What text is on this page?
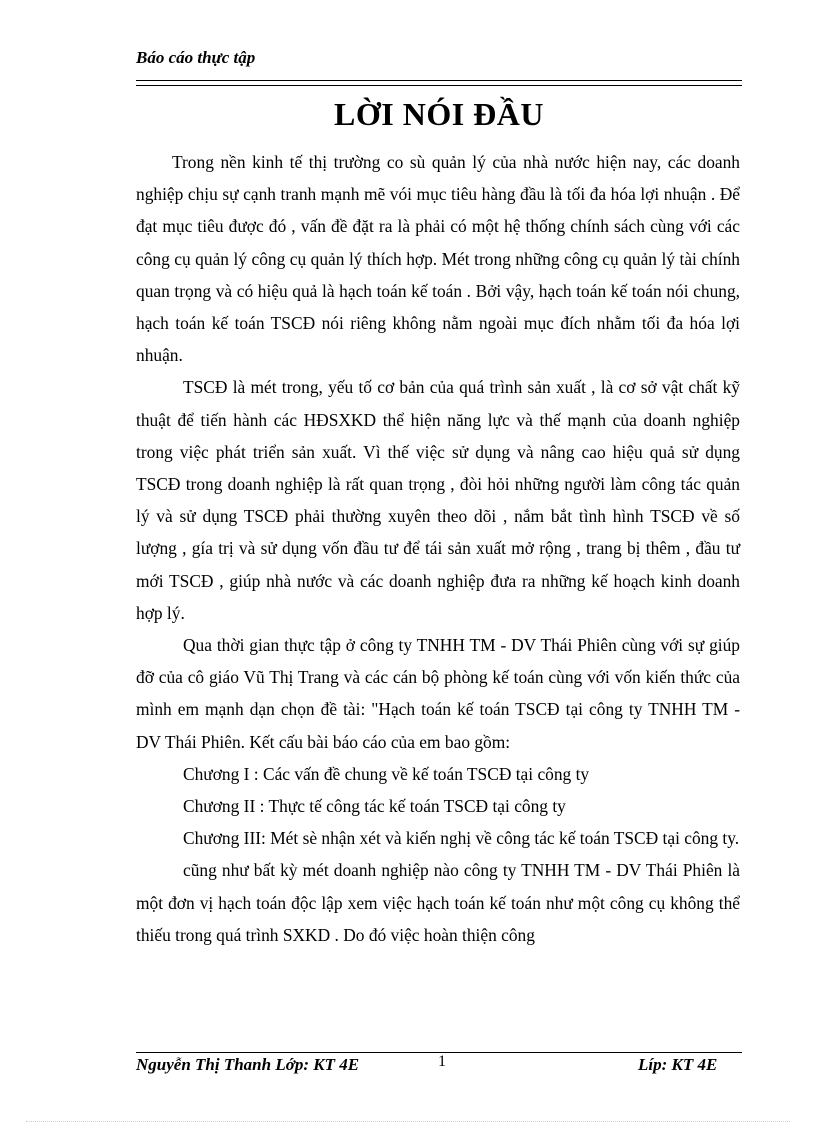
Báo cáo thực tập
LỜI NÓI ĐẦU

Trong nền kinh tế thị trường co sù quản lý của nhà nước hiện nay, các doanh nghiệp chịu sự cạnh tranh mạnh mẽ vói mục tiêu hàng đầu là tối đa hóa lợi nhuận . Để đạt mục tiêu được đó , vấn đề đặt ra là phải có một hệ thống chính sách cùng với các công cụ quản lý công cụ quản lý thích hợp. Mét trong những công cụ quản lý tài chính quan trọng và có hiệu quả là hạch toán kế toán . Bởi vậy, hạch toán kế toán nói chung, hạch toán kế toán TSCĐ nói riêng không nằm ngoài mục đích nhằm tối đa hóa lợi nhuận.

TSCĐ là mét trong, yếu tố cơ bản của quá trình sản xuất , là cơ sở vật chất kỹ thuật để tiến hành các HĐSXKD thể hiện năng lực và thế mạnh của doanh nghiệp trong việc phát triển sản xuất. Vì thế việc sử dụng và nâng cao hiệu quả sử dụng TSCĐ trong doanh nghiệp là rất quan trọng , đòi hỏi những người làm công tác quản lý và sử dụng TSCĐ phải thường xuyên theo dõi , nắm bắt tình hình TSCĐ về số lượng , gía trị và sử dụng vốn đầu tư để tái sản xuất mở rộng , trang bị thêm , đầu tư mới TSCĐ , giúp nhà nước và các doanh nghiệp đưa ra những kế hoạch kinh doanh hợp lý.

Qua thời gian thực tập ở công ty TNHH TM - DV Thái Phiên cùng với sự giúp đỡ của cô giáo Vũ Thị Trang và các cán bộ phòng kế toán cùng với vốn kiến thức của mình em mạnh dạn chọn đề tài: "Hạch toán kế toán TSCĐ tại công ty TNHH TM - DV Thái Phiên. Kết cấu bài báo cáo của em bao gồm:

Chương I : Các vấn đề chung về kế toán TSCĐ tại công ty

Chương II : Thực tế công tác kế toán TSCĐ tại công ty

Chương III: Mét sè nhận xét và kiến nghị về công tác kế toán TSCĐ tại công ty.

cũng như bất kỳ mét doanh nghiệp nào công ty TNHH TM - DV Thái Phiên là một đơn vị hạch toán độc lập xem việc hạch toán kế toán như một công cụ không thể thiếu trong quá trình SXKD . Do đó việc hoàn thiện công

Nguyễn Thị Thanh Lớp: KT 4E	1	Líp: KT 4E
